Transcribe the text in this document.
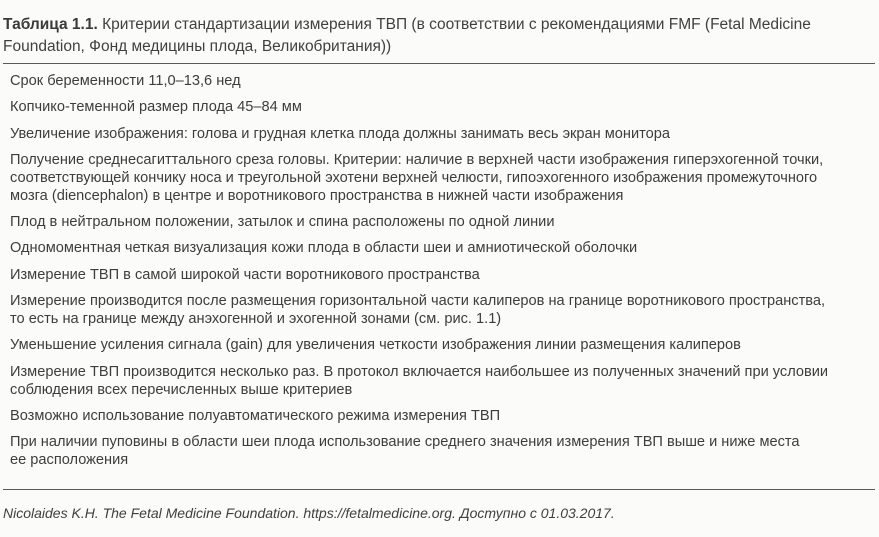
Таблица 1.1. Критерии стандартизации измерения ТВП (в соответствии с рекомендациями FMF (Fetal Medicine Foundation, Фонд медицины плода, Великобритания))
Срок беременности 11,0–13,6 нед
Копчико-теменной размер плода 45–84 мм
Увеличение изображения: голова и грудная клетка плода должны занимать весь экран монитора
Получение среднесагиттального среза головы. Критерии: наличие в верхней части изображения гиперэхогенной точки, соответствующей кончику носа и треугольной эхотени верхней челюсти, гипоэхогенного изображения промежуточного мозга (diencephalon) в центре и воротникового пространства в нижней части изображения
Плод в нейтральном положении, затылок и спина расположены по одной линии
Одномоментная четкая визуализация кожи плода в области шеи и амниотической оболочки
Измерение ТВП в самой широкой части воротникового пространства
Измерение производится после размещения горизонтальной части калиперов на границе воротникового пространства, то есть на границе между анэхогенной и эхогенной зонами (см. рис. 1.1)
Уменьшение усиления сигнала (gain) для увеличения четкости изображения линии размещения калиперов
Измерение ТВП производится несколько раз. В протокол включается наибольшее из полученных значений при условии соблюдения всех перечисленных выше критериев
Возможно использование полуавтоматического режима измерения ТВП
При наличии пуповины в области шеи плода использование среднего значения измерения ТВП выше и ниже места ее расположения
Nicolaides K.H. The Fetal Medicine Foundation. https://fetalmedicine.org. Доступно с 01.03.2017.
